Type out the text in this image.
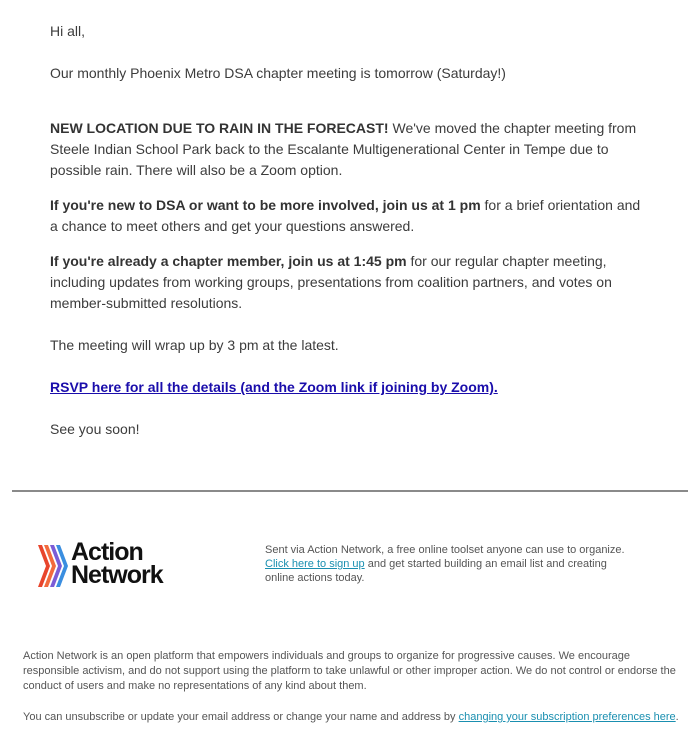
Hi all,

Our monthly Phoenix Metro DSA chapter meeting is tomorrow (Saturday!)

NEW LOCATION DUE TO RAIN IN THE FORECAST! We've moved the chapter meeting from Steele Indian School Park back to the Escalante Multigenerational Center in Tempe due to possible rain. There will also be a Zoom option.

If you're new to DSA or want to be more involved, join us at 1 pm for a brief orientation and a chance to meet others and get your questions answered.

If you're already a chapter member, join us at 1:45 pm for our regular chapter meeting, including updates from working groups, presentations from coalition partners, and votes on member-submitted resolutions.

The meeting will wrap up by 3 pm at the latest.

RSVP here for all the details (and the Zoom link if joining by Zoom).

See you soon!

Action
Network

Sent via Action Network, a free online toolset anyone can use to organize.
Click here to sign up and get started building an email list and creating online actions today.

Action Network is an open platform that empowers individuals and groups to organize for progressive causes. We encourage responsible activism, and do not support using the platform to take unlawful or other improper action. We do not control or endorse the conduct of users and make no representations of any kind about them.

You can unsubscribe or update your email address or change your name and address by changing your subscription preferences here.
